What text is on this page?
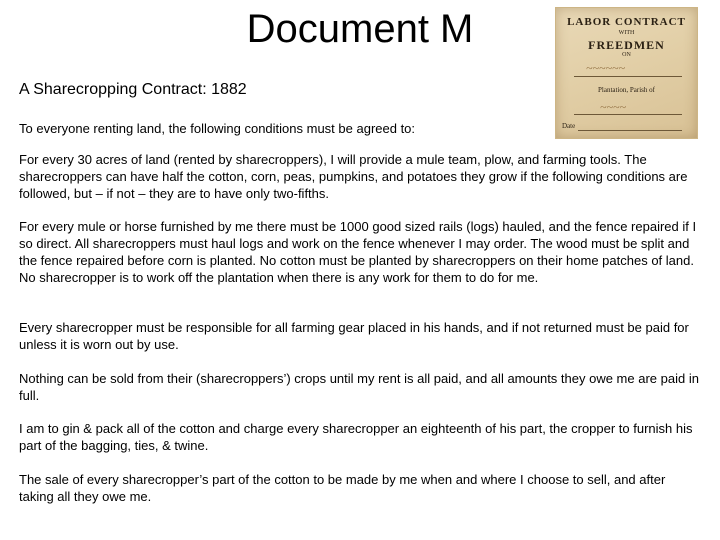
Document M	LABOR CONTRACT
WITH
FREEDMEN
ON
~~~~~~
Plantation, Parish of
~~~~
Date
A Sharecropping Contract: 1882
To everyone renting land, the following conditions must be agreed to:
For every 30 acres of land (rented by sharecroppers), I will provide a mule team, plow, and farming tools. The sharecroppers can have half the cotton, corn, peas, pumpkins, and potatoes they grow if the following conditions are followed, but – if not – they are to have only two-fifths.
For every mule or horse furnished by me there must be 1000 good sized rails (logs) hauled, and the fence repaired if I so direct. All sharecroppers must haul logs and work on the fence whenever I may order. The wood must be split and the fence repaired before corn is planted. No cotton must be planted by sharecroppers on their home patches of land. No sharecropper is to work off the plantation when there is any work for them to do for me.
Every sharecropper must be responsible for all farming gear placed in his hands, and if not returned must be paid for unless it is worn out by use.
Nothing can be sold from their (sharecroppers’) crops until my rent is all paid, and all amounts they owe me are paid in full.
I am to gin & pack all of the cotton and charge every sharecropper an eighteenth of his part, the cropper to furnish his part of the bagging, ties, & twine.
The sale of every sharecropper’s part of the cotton to be made by me when and where I choose to sell, and after taking all they owe me.
